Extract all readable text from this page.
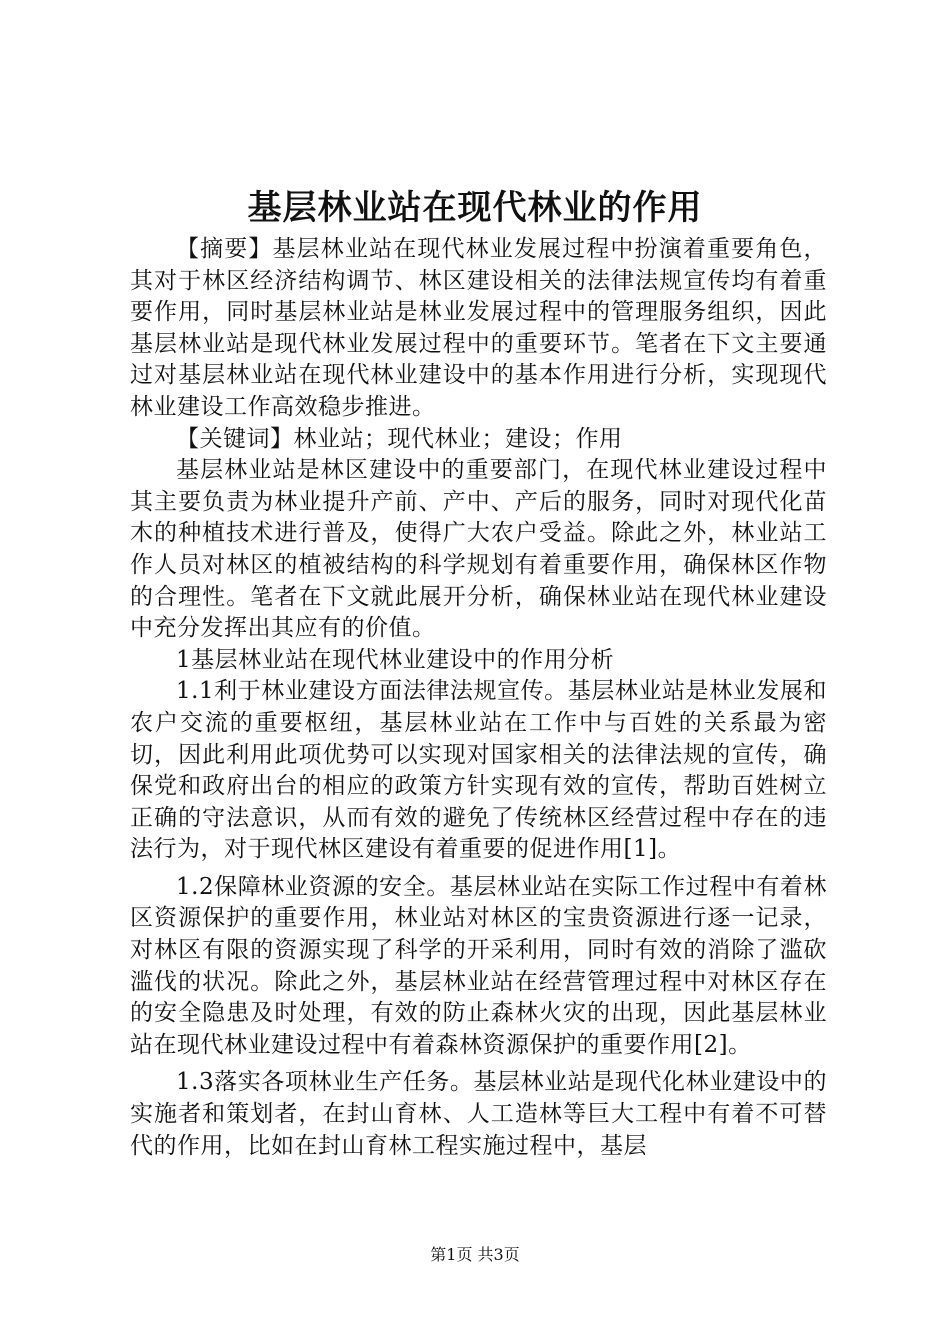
基层林业站在现代林业的作用

【摘要】基层林业站在现代林业发展过程中扮演着重要角色，其对于林区经济结构调节、林区建设相关的法律法规宣传均有着重要作用，同时基层林业站是林业发展过程中的管理服务组织，因此基层林业站是现代林业发展过程中的重要环节。笔者在下文主要通过对基层林业站在现代林业建设中的基本作用进行分析，实现现代林业建设工作高效稳步推进。

【关键词】林业站；现代林业；建设；作用

基层林业站是林区建设中的重要部门，在现代林业建设过程中其主要负责为林业提升产前、产中、产后的服务，同时对现代化苗木的种植技术进行普及，使得广大农户受益。除此之外，林业站工作人员对林区的植被结构的科学规划有着重要作用，确保林区作物的合理性。笔者在下文就此展开分析，确保林业站在现代林业建设中充分发挥出其应有的价值。

1基层林业站在现代林业建设中的作用分析

1.1利于林业建设方面法律法规宣传。基层林业站是林业发展和农户交流的重要枢纽，基层林业站在工作中与百姓的关系最为密切，因此利用此项优势可以实现对国家相关的法律法规的宣传，确保党和政府出台的相应的政策方针实现有效的宣传，帮助百姓树立正确的守法意识，从而有效的避免了传统林区经营过程中存在的违法行为，对于现代林区建设有着重要的促进作用[1]。

1.2保障林业资源的安全。基层林业站在实际工作过程中有着林区资源保护的重要作用，林业站对林区的宝贵资源进行逐一记录，对林区有限的资源实现了科学的开采利用，同时有效的消除了滥砍滥伐的状况。除此之外，基层林业站在经营管理过程中对林区存在的安全隐患及时处理，有效的防止森林火灾的出现，因此基层林业站在现代林业建设过程中有着森林资源保护的重要作用[2]。

1.3落实各项林业生产任务。基层林业站是现代化林业建设中的实施者和策划者，在封山育林、人工造林等巨大工程中有着不可替代的作用，比如在封山育林工程实施过程中，基层

第1页 共3页
